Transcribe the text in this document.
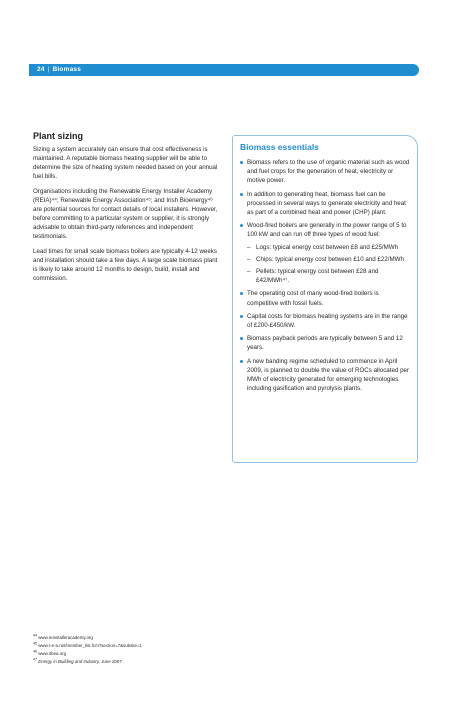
24 | Biomass
Plant sizing

Sizing a system accurately can ensure that cost effectiveness is maintained. A reputable biomass heating supplier will be able to determine the size of heating system needed based on your annual fuel bills.

Organisations including the Renewable Energy Installer Academy (REIA)⁴⁴; Renewable Energy Association⁴⁵; and Irish Bioenergy⁴⁶ are potential sources for contact details of local installers. However, before committing to a particular system or supplier, it is strongly advisable to obtain third-party references and independent testimonials.

Lead times for small scale biomass boilers are typically 4-12 weeks and installation should take a few days. A large scale biomass plant is likely to take around 12 months to design, build, install and commission.

Biomass essentials
Biomass refers to the use of organic material such as wood and fuel crops for the generation of heat, electricity or motive power.
In addition to generating heat, biomass fuel can be processed in several ways to generate electricity and heat as part of a combined heat and power (CHP) plant.
Wood-fired boilers are generally in the power range of 5 to 100 kW and can run off three types of wood fuel:
– Logs: typical energy cost between £8 and £25/MWh
– Chips: typical energy cost between £10 and £22/MWh
– Pellets: typical energy cost between £28 and £42/MWh⁴⁷.
The operating cost of many wood-fired boilers is competitive with fossil fuels.
Capital costs for biomass heating systems are in the range of £200-£450/kW.
Biomass payback periods are typically between 5 and 12 years.
A new banding regime scheduled to commence in April 2009, is planned to double the value of ROCs allocated per MWh of electricity generated for emerging technologies including gasification and pyrolysis plants.
$^{44}$ www.reinstalleracademy.org
$^{45}$ www.r-e-a.net/member_list.fcm?section=7&subsite=1
$^{46}$ www.irbea.org
$^{47}$ Energy in Building and Industry, June 2007.
